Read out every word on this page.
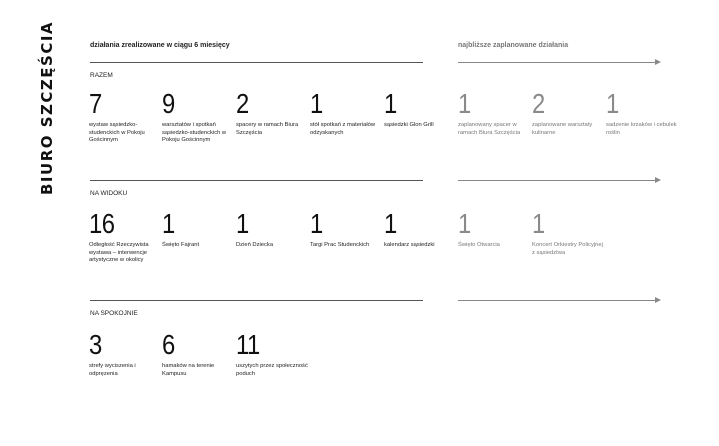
BIURO SZCZĘŚCIA	działania zrealizowane w ciągu 6 miesięcy	najbliższe zaplanowane działania
RAZEM
7
wystaw sąsiedzko-studenckich w Pokoju Gościnnym
9
warsztatów i spotkań sąsiedzko-studenckich w Pokoju Gościnnym
2
spacery w ramach Biura Szczęścia
1
stół spotkań z materiałów odzyskanych
1
sąsiedzki Glon Grill
1
zaplanowany spacer w ramach Biura Szczęścia
2
zaplanowane warsztaty kulinarne
1
sadzenie krzaków i cebulek roślin
NA WIDOKU
16
Odległość Rzeczywista wystawa – interwencje artystyczne w okolicy
1
Święto Fajrant
1
Dzień Dziecka
1
Targi Prac Studenckich
1
kalendarz sąsiedzki
1
Święto Otwarcia
1
Koncert Orkiestry Policyjnej z sąsiedztwa
NA SPOKOJNIE
3
strefy wyciszenia i odpręzenia
6
hamaków na terenie Kampusu
11
uszytych przez społeczność poduch
